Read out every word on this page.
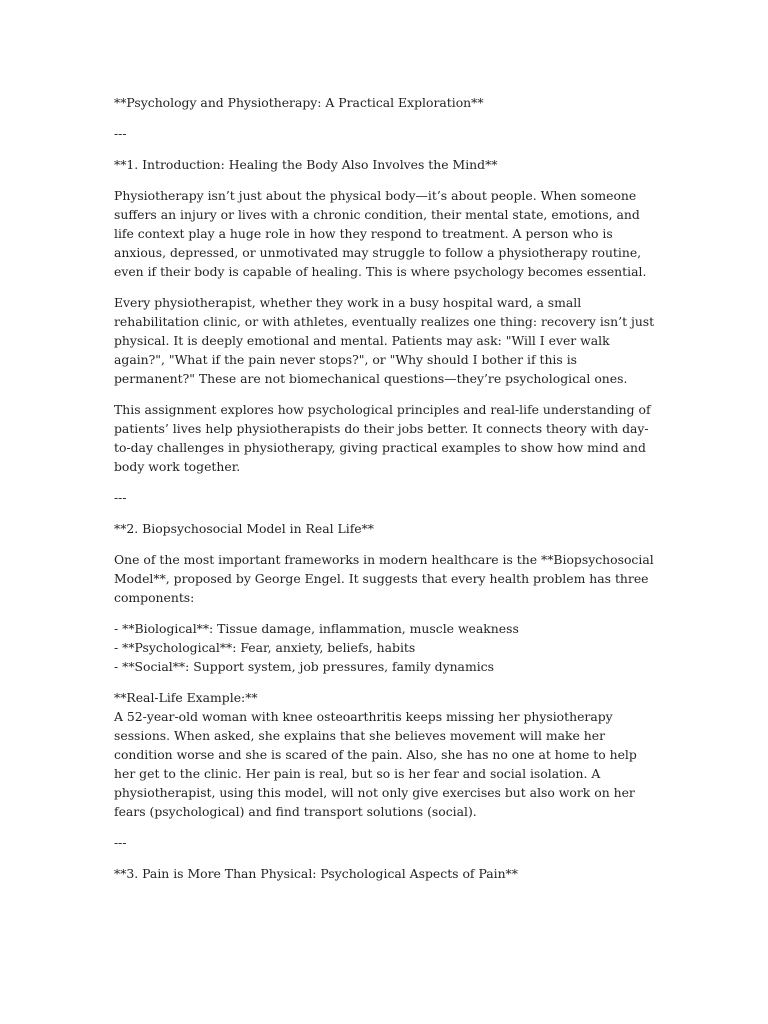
**Psychology and Physiotherapy: A Practical Exploration**
---
**1. Introduction: Healing the Body Also Involves the Mind**
Physiotherapy isn’t just about the physical body—it’s about people. When someone suffers an injury or lives with a chronic condition, their mental state, emotions, and life context play a huge role in how they respond to treatment. A person who is anxious, depressed, or unmotivated may struggle to follow a physiotherapy routine, even if their body is capable of healing. This is where psychology becomes essential.
Every physiotherapist, whether they work in a busy hospital ward, a small rehabilitation clinic, or with athletes, eventually realizes one thing: recovery isn’t just physical. It is deeply emotional and mental. Patients may ask: "Will I ever walk again?", "What if the pain never stops?", or "Why should I bother if this is permanent?" These are not biomechanical questions—they’re psychological ones.
This assignment explores how psychological principles and real-life understanding of patients’ lives help physiotherapists do their jobs better. It connects theory with day-to-day challenges in physiotherapy, giving practical examples to show how mind and body work together.
---
**2. Biopsychosocial Model in Real Life**
One of the most important frameworks in modern healthcare is the **Biopsychosocial Model**, proposed by George Engel. It suggests that every health problem has three components:
- **Biological**: Tissue damage, inflammation, muscle weakness
- **Psychological**: Fear, anxiety, beliefs, habits
- **Social**: Support system, job pressures, family dynamics
**Real-Life Example:**
A 52-year-old woman with knee osteoarthritis keeps missing her physiotherapy sessions. When asked, she explains that she believes movement will make her condition worse and she is scared of the pain. Also, she has no one at home to help her get to the clinic. Her pain is real, but so is her fear and social isolation. A physiotherapist, using this model, will not only give exercises but also work on her fears (psychological) and find transport solutions (social).
---
**3. Pain is More Than Physical: Psychological Aspects of Pain**
